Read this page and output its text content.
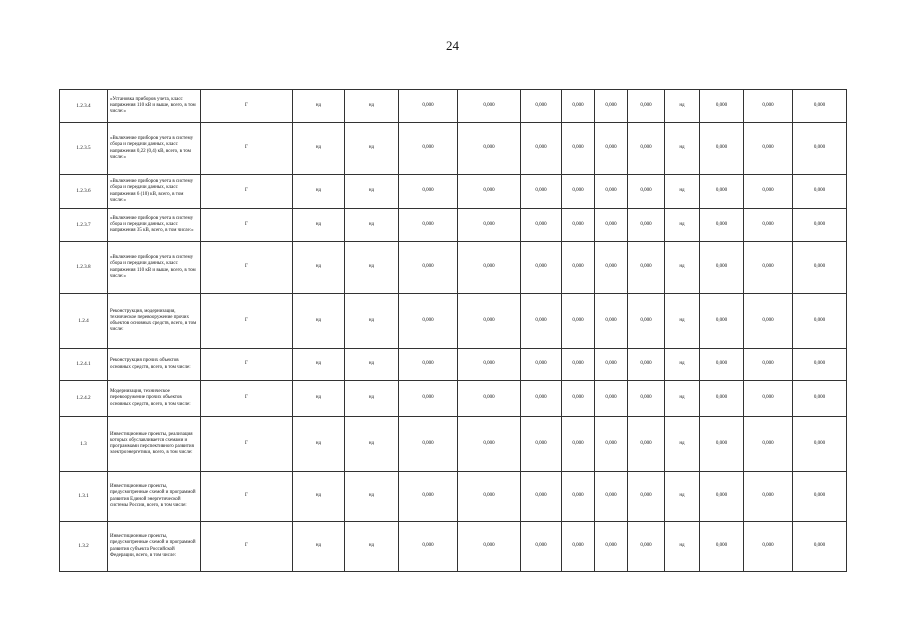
24
1.2.3.4	«Установка приборов учета, класс напряжения 110 кВ и выше, всего, в том числе:»	Г	нд	нд	0,000	0,000	0,000	0,000	0,000	0,000	нд	0,000	0,000	0,000
1.2.3.5	«Включение приборов учета в систему сбора и передачи данных, класс напряжения 0,22 (0,4) кВ, всего, в том числе:»	Г	нд	нд	0,000	0,000	0,000	0,000	0,000	0,000	нд	0,000	0,000	0,000
1.2.3.6	«Включение приборов учета в систему сбора и передачи данных, класс напряжения 6 (10) кВ, всего, в том числе:»	Г	нд	нд	0,000	0,000	0,000	0,000	0,000	0,000	нд	0,000	0,000	0,000
1.2.3.7	«Включение приборов учета в систему сбора и передачи данных, класс напряжения 35 кВ, всего, в том числе:»	Г	нд	нд	0,000	0,000	0,000	0,000	0,000	0,000	нд	0,000	0,000	0,000
1.2.3.8	«Включение приборов учета в систему сбора и передачи данных, класс напряжения 110 кВ и выше, всего, в том числе:»	Г	нд	нд	0,000	0,000	0,000	0,000	0,000	0,000	нд	0,000	0,000	0,000
1.2.4	Реконструкция, модернизация, техническое перевооружение прочих объектов основных средств, всего, в том числе:	Г	нд	нд	0,000	0,000	0,000	0,000	0,000	0,000	нд	0,000	0,000	0,000
1.2.4.1	Реконструкция прочих объектов основных средств, всего, в том числе:	Г	нд	нд	0,000	0,000	0,000	0,000	0,000	0,000	нд	0,000	0,000	0,000
1.2.4.2	Модернизация, техническое перевооружение прочих объектов основных средств, всего, в том числе:	Г	нд	нд	0,000	0,000	0,000	0,000	0,000	0,000	нд	0,000	0,000	0,000
1.3	Инвестиционные проекты, реализация которых обуславливается схемами и программами перспективного развития электроэнергетики, всего, в том числе:	Г	нд	нд	0,000	0,000	0,000	0,000	0,000	0,000	нд	0,000	0,000	0,000
1.3.1	Инвестиционные проекты, предусмотренные схемой и программой развития Единой энергетической системы России, всего, в том числе:	Г	нд	нд	0,000	0,000	0,000	0,000	0,000	0,000	нд	0,000	0,000	0,000
1.3.2	Инвестиционные проекты, предусмотренные схемой и программой развития субъекта Российской Федерации, всего, в том числе:	Г	нд	нд	0,000	0,000	0,000	0,000	0,000	0,000	нд	0,000	0,000	0,000
